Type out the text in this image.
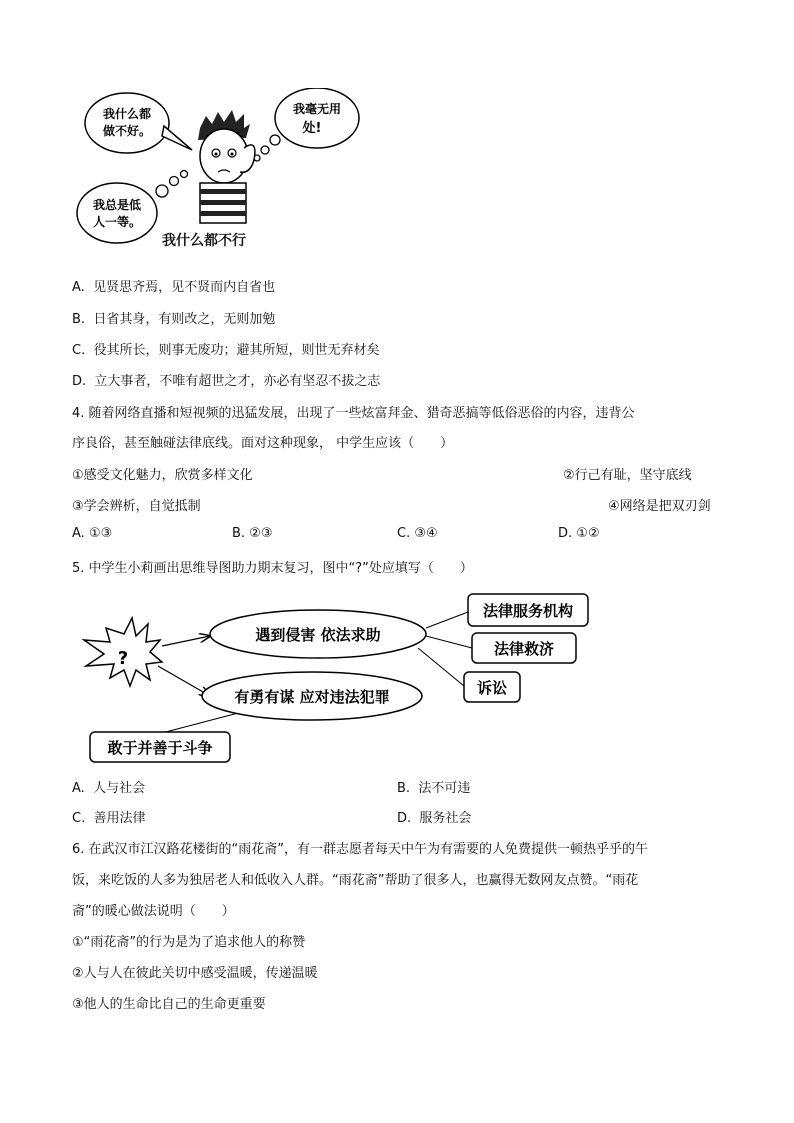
我什么都
做不好。
我毫无用
处!
我总是低
人一等。
我什么都不行
A. 见贤思齐焉，见不贤而内自省也
B. 日省其身，有则改之，无则加勉
C. 役其所长，则事无废功；避其所短，则世无弃材矣
D. 立大事者，不唯有超世之才，亦必有坚忍不拔之志
4. 随着网络直播和短视频的迅猛发展，出现了一些炫富拜金、猎奇恶搞等低俗恶俗的内容，违背公
序良俗，甚至触碰法律底线。面对这种现象， 中学生应该（　　）
①感受文化魅力，欣赏多样文化	②行己有耻，坚守底线
③学会辨析，自觉抵制	④网络是把双刃剑
A. ①③	B. ②③	C. ③④	D. ①②
5. 中学生小莉画出思维导图助力期末复习，图中“?”处应填写（　　）
?
遇到侵害 依法求助
有勇有谋 应对违法犯罪
法律服务机构
法律救济
诉讼
敢于并善于斗争
A. 人与社会	B. 法不可违
C. 善用法律	D. 服务社会
6. 在武汉市江汉路花楼街的“雨花斋”，有一群志愿者每天中午为有需要的人免费提供一顿热乎乎的午
饭，来吃饭的人多为独居老人和低收入人群。“雨花斋”帮助了很多人，也赢得无数网友点赞。“雨花
斋”的暖心做法说明（　　）
①“雨花斋”的行为是为了追求他人的称赞
②人与人在彼此关切中感受温暖，传递温暖
③他人的生命比自己的生命更重要
